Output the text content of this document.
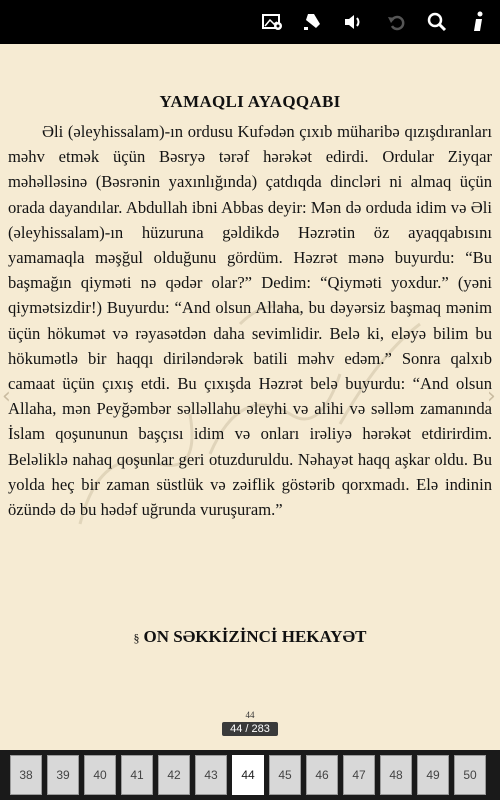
YAMAQLI AYAQQABI

Əli (əleyhissalam)-ın ordusu Kufədən çıxıb müharibə qızışdıranları məhv etmək üçün Bəsryə tərəf hərəkət edirdi. Ordular Ziyqar məhəlləsinə (Bəsrənin yaxınlığında) çatdıqda dincləri ni almaq üçün orada dayandılar. Abdullah ibni Abbas deyir: Mən də orduda idim və Əli (əleyhissalam)-ın hüzuruna gəldikdə Həzrətin öz ayaqqabısını yamamaqla məşğul olduğunu gördüm. Həzrət mənə buyurdu: “Bu başmağın qiyməti nə qədər olar?” Dedim: “Qiyməti yoxdur.” (yəni qiymətsizdir!) Buyurdu: “And olsun Allaha, bu dəyərsiz başmaq mənim üçün hökumət və rəyasətdən daha sevimlidir. Belə ki, eləyə bilim bu hökumətlə bir haqqı diriləndərək batili məhv edəm.” Sonra qalxıb camaat üçün çıxış etdi. Bu çıxışda Həzrət belə buyurdu: “And olsun Allaha, mən Peyğəmbər səlləllahu əleyhi və alihi və səlləm zamanında İslam qoşununun başçısı idim və onları irəliyə hərəkət etdirirdim. Beləliklə nahaq qoşunlar geri otuzduruldu. Nəhayət haqq aşkar oldu. Bu yolda heç bir zaman süstlük və zəiflik göstərib qorxmadı. Elə indinin özündə də bu hədəf uğrunda vuruşuram.”

§ ON SƏKKİZİNCİ HEKAYƏT
‹	›
44
44 / 283
38	39	40	41	42	43	44	45	46	47	48	49	50
